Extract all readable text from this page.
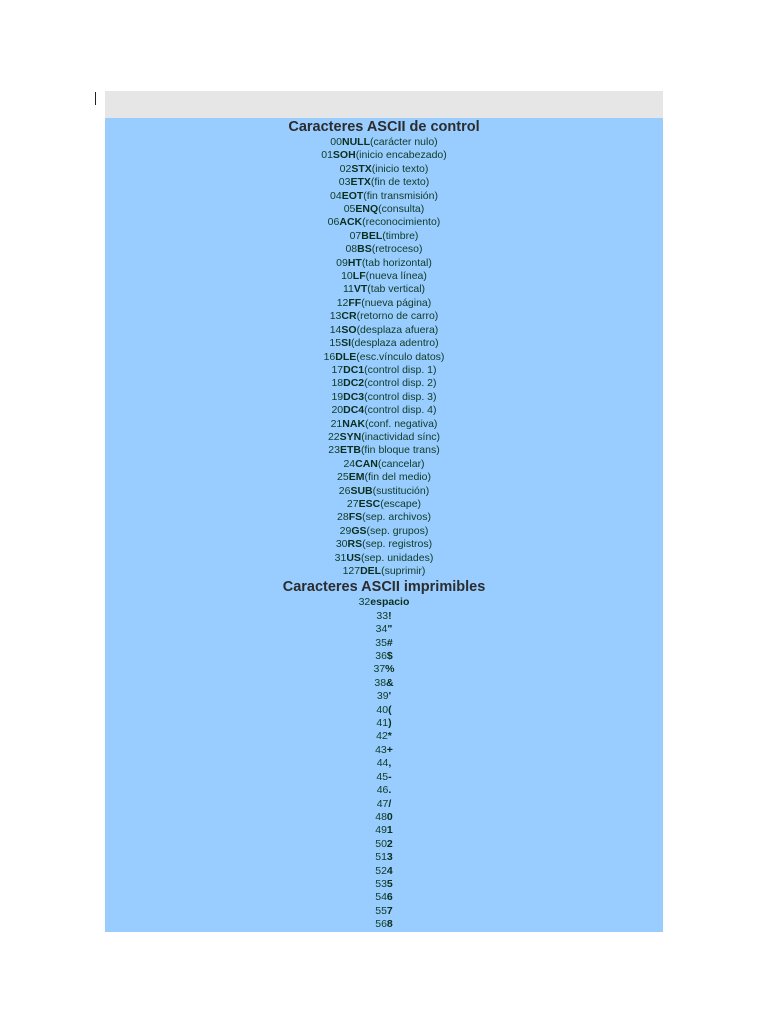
Caracteres ASCII de control
00NULL(carácter nulo)
01SOH(inicio encabezado)
02STX(inicio texto)
03ETX(fin de texto)
04EOT(fin transmisión)
05ENQ(consulta)
06ACK(reconocimiento)
07BEL(timbre)
08BS(retroceso)
09HT(tab horizontal)
10LF(nueva línea)
11VT(tab vertical)
12FF(nueva página)
13CR(retorno de carro)
14SO(desplaza afuera)
15SI(desplaza adentro)
16DLE(esc.vínculo datos)
17DC1(control disp. 1)
18DC2(control disp. 2)
19DC3(control disp. 3)
20DC4(control disp. 4)
21NAK(conf. negativa)
22SYN(inactividad sínc)
23ETB(fin bloque trans)
24CAN(cancelar)
25EM(fin del medio)
26SUB(sustitución)
27ESC(escape)
28FS(sep. archivos)
29GS(sep. grupos)
30RS(sep. registros)
31US(sep. unidades)
127DEL(suprimir)
Caracteres ASCII imprimibles
32espacio
33!
34"
35#
36$
37%
38&
39'
40(
41)
42*
43+
44,
45-
46.
47/
480
491
502
513
524
535
546
557
568
